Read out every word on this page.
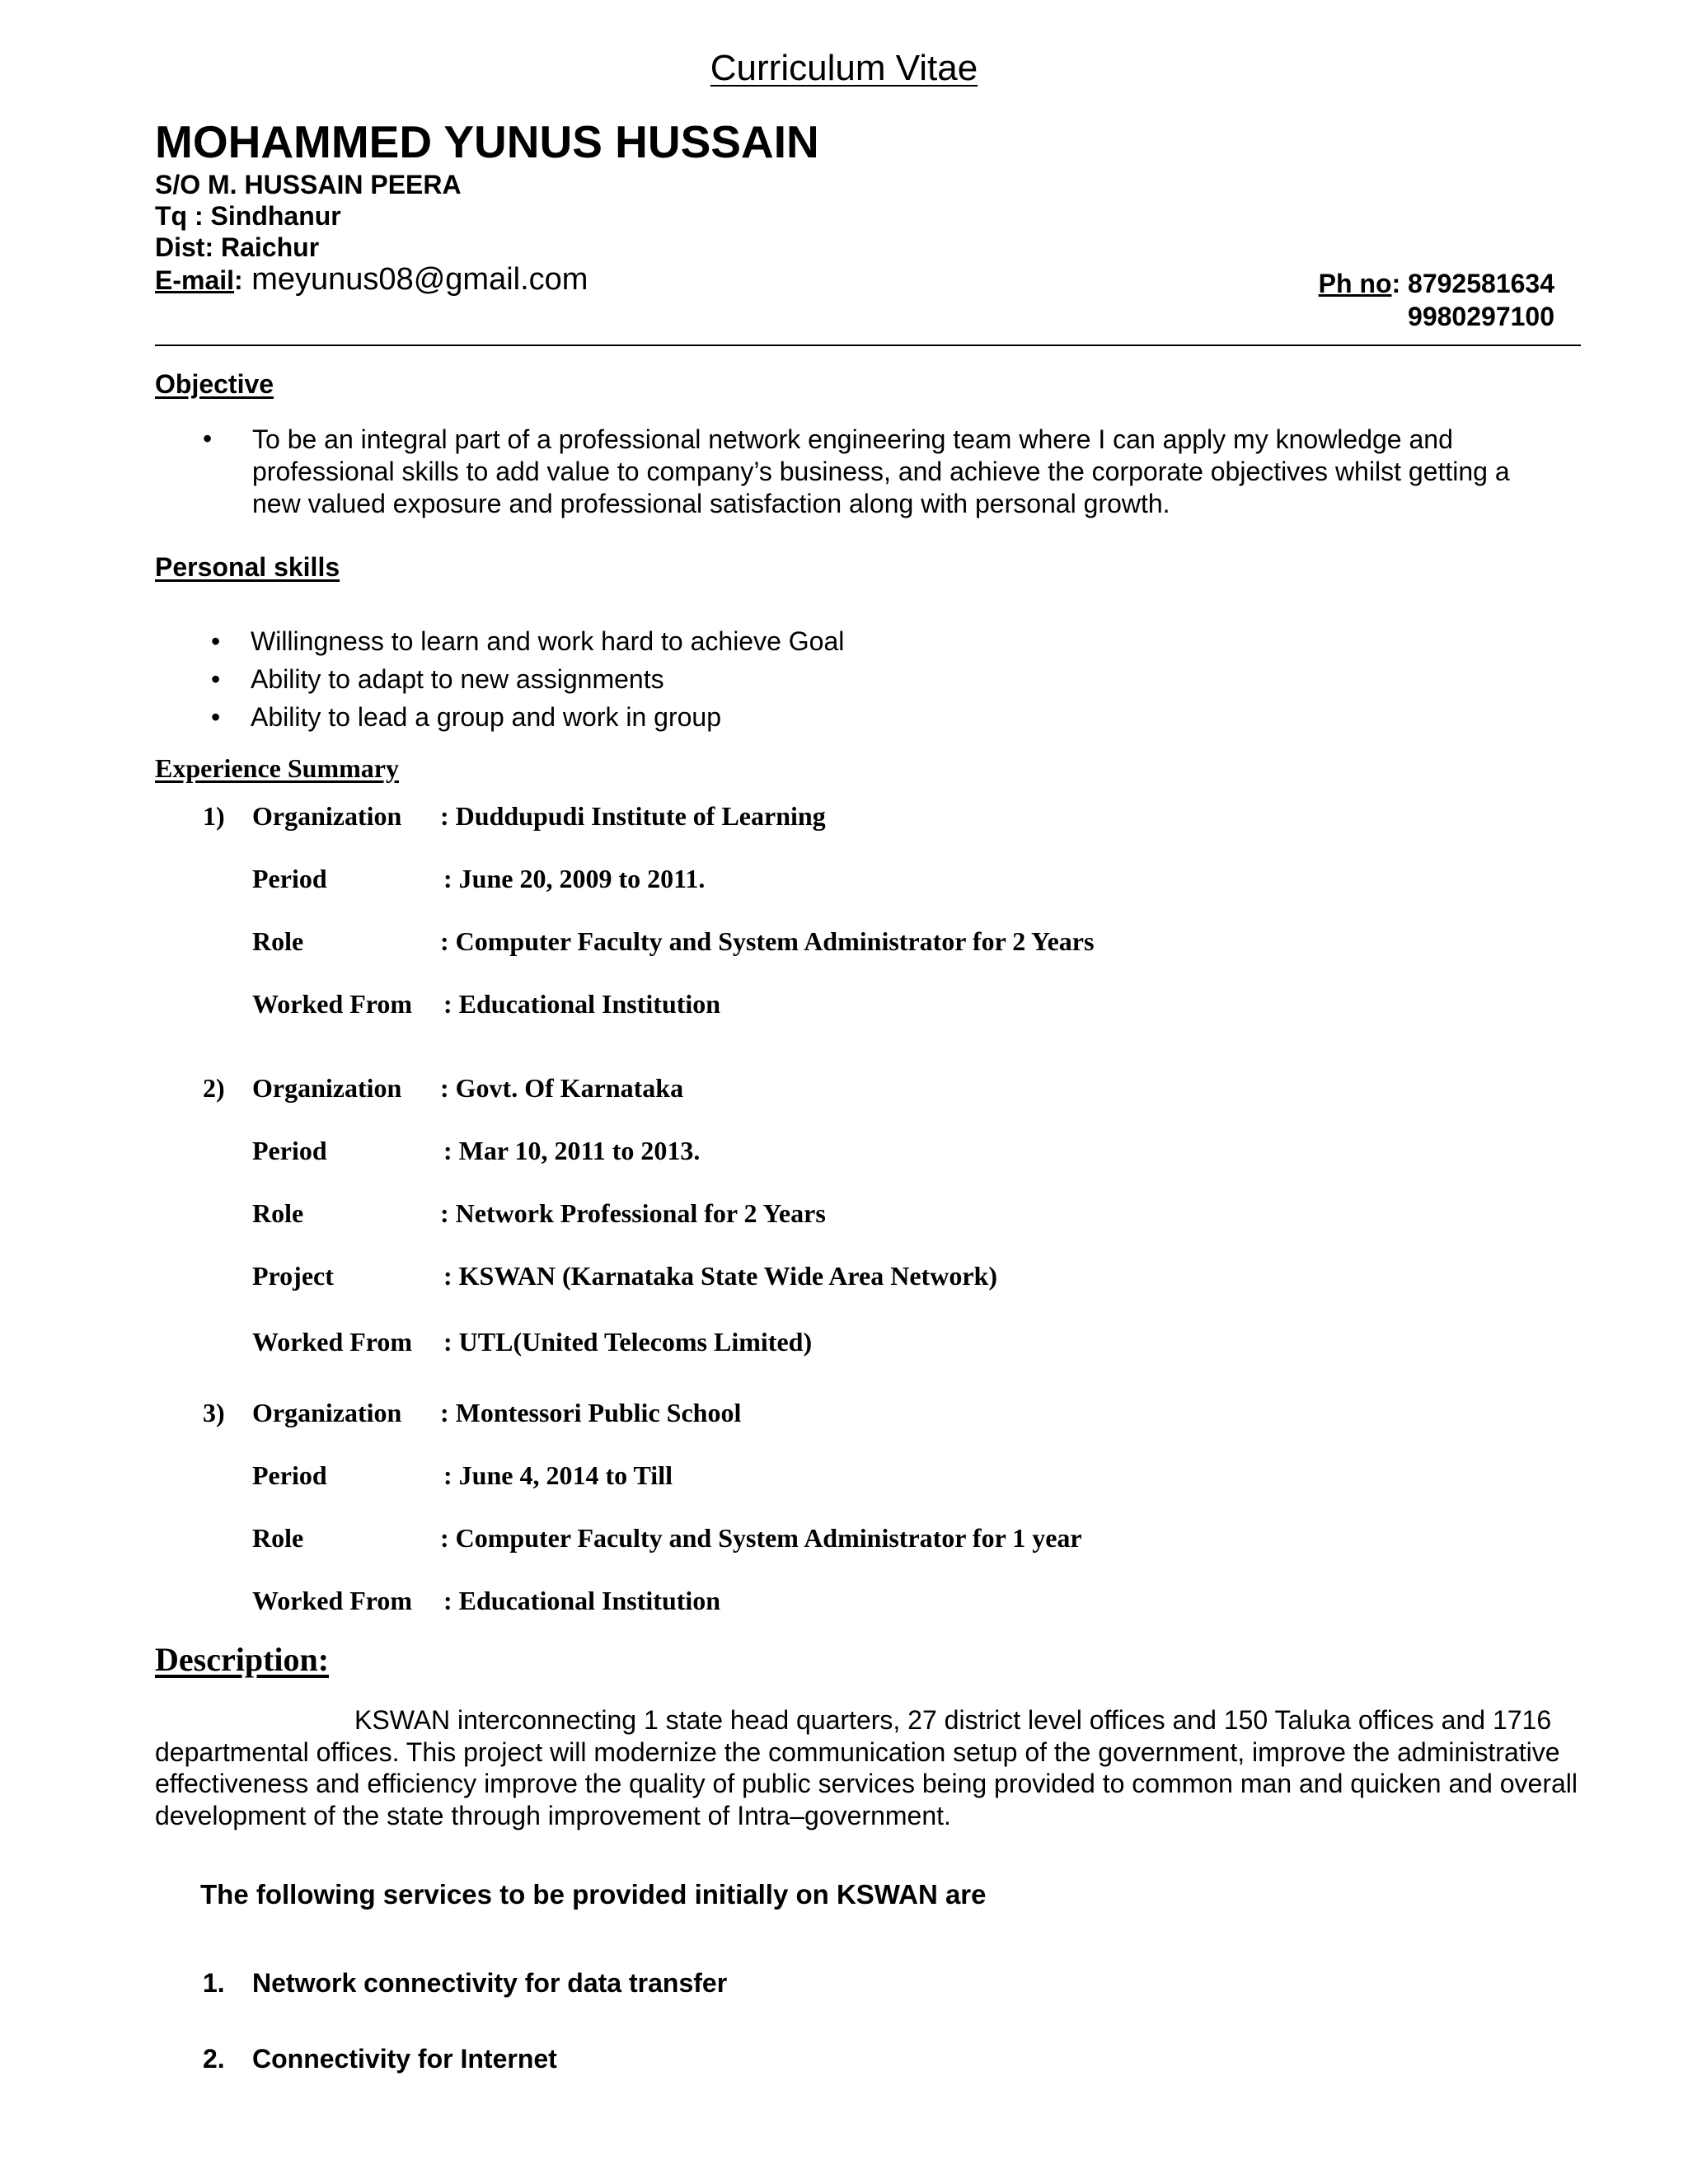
Curriculum Vitae
MOHAMMED YUNUS HUSSAIN
S/O M. HUSSAIN PEERA
Tq : Sindhanur
Dist: Raichur
E-mail: meyunus08@gmail.com	Ph no: 8792581634
9980297100
Objective
• To be an integral part of a professional network engineering team where I can apply my knowledge and professional skills to add value to company’s business, and achieve the corporate objectives whilst getting a new valued exposure and professional satisfaction along with personal growth.
Personal skills
• Willingness to learn and work hard to achieve Goal
• Ability to adapt to new assignments
• Ability to lead a group and work in group
Experience Summary
1) Organization : Duddupudi Institute of Learning
Period	: June 20, 2009 to 2011.
Role	: Computer Faculty and System Administrator for 2 Years
Worked From : Educational Institution
2) Organization : Govt. Of Karnataka
Period	: Mar 10, 2011 to 2013.
Role	: Network Professional for 2 Years
Project	: KSWAN (Karnataka State Wide Area Network)
Worked From : UTL(United Telecoms Limited)
3) Organization : Montessori Public School
Period	: June 4, 2014 to Till
Role	: Computer Faculty and System Administrator for 1 year
Worked From : Educational Institution
Description:
KSWAN interconnecting 1 state head quarters, 27 district level offices and 150 Taluka offices and 1716 departmental offices. This project will modernize the communication setup of the government, improve the administrative effectiveness and efficiency improve the quality of public services being provided to common man and quicken and overall development of the state through improvement of Intra–government.
The following services to be provided initially on KSWAN are
1. Network connectivity for data transfer
2. Connectivity for Internet
